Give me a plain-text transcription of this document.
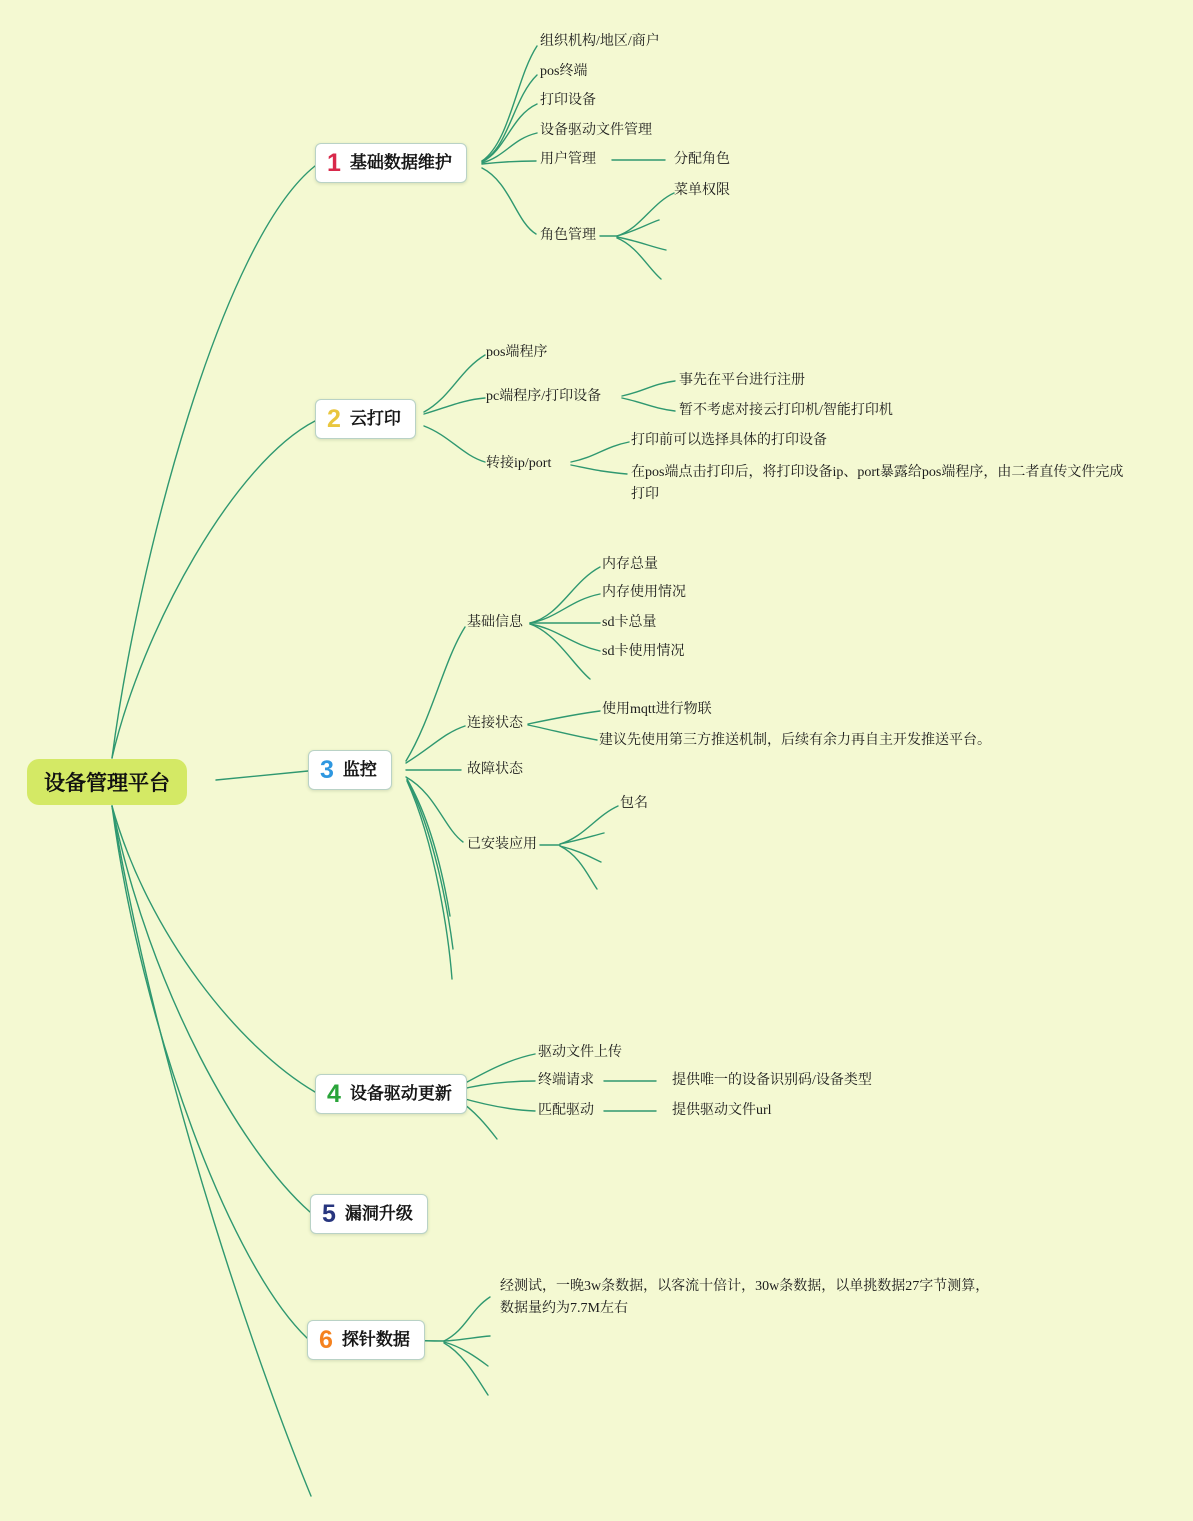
设备管理平台
1 基础数据维护
2 云打印
3 监控
4 设备驱动更新
5 漏洞升级
6 探针数据
组织机构/地区/商户
pos终端
打印设备
设备驱动文件管理
用户管理	分配角色
角色管理
菜单权限
pos端程序
pc端程序/打印设备
事先在平台进行注册
暂不考虑对接云打印机/智能打印机
转接ip/port
打印前可以选择具体的打印设备
在pos端点击打印后，将打印设备ip、port暴露给pos端程序，由二者直传文件完成打印
基础信息
内存总量
内存使用情况
sd卡总量
sd卡使用情况
连接状态
使用mqtt进行物联
建议先使用第三方推送机制，后续有余力再自主开发推送平台。
故障状态
已安装应用
包名
驱动文件上传
终端请求	提供唯一的设备识别码/设备类型
匹配驱动	提供驱动文件url
经测试，一晚3w条数据，以客流十倍计，30w条数据，以单挑数据27字节测算，数据量约为7.7M左右
